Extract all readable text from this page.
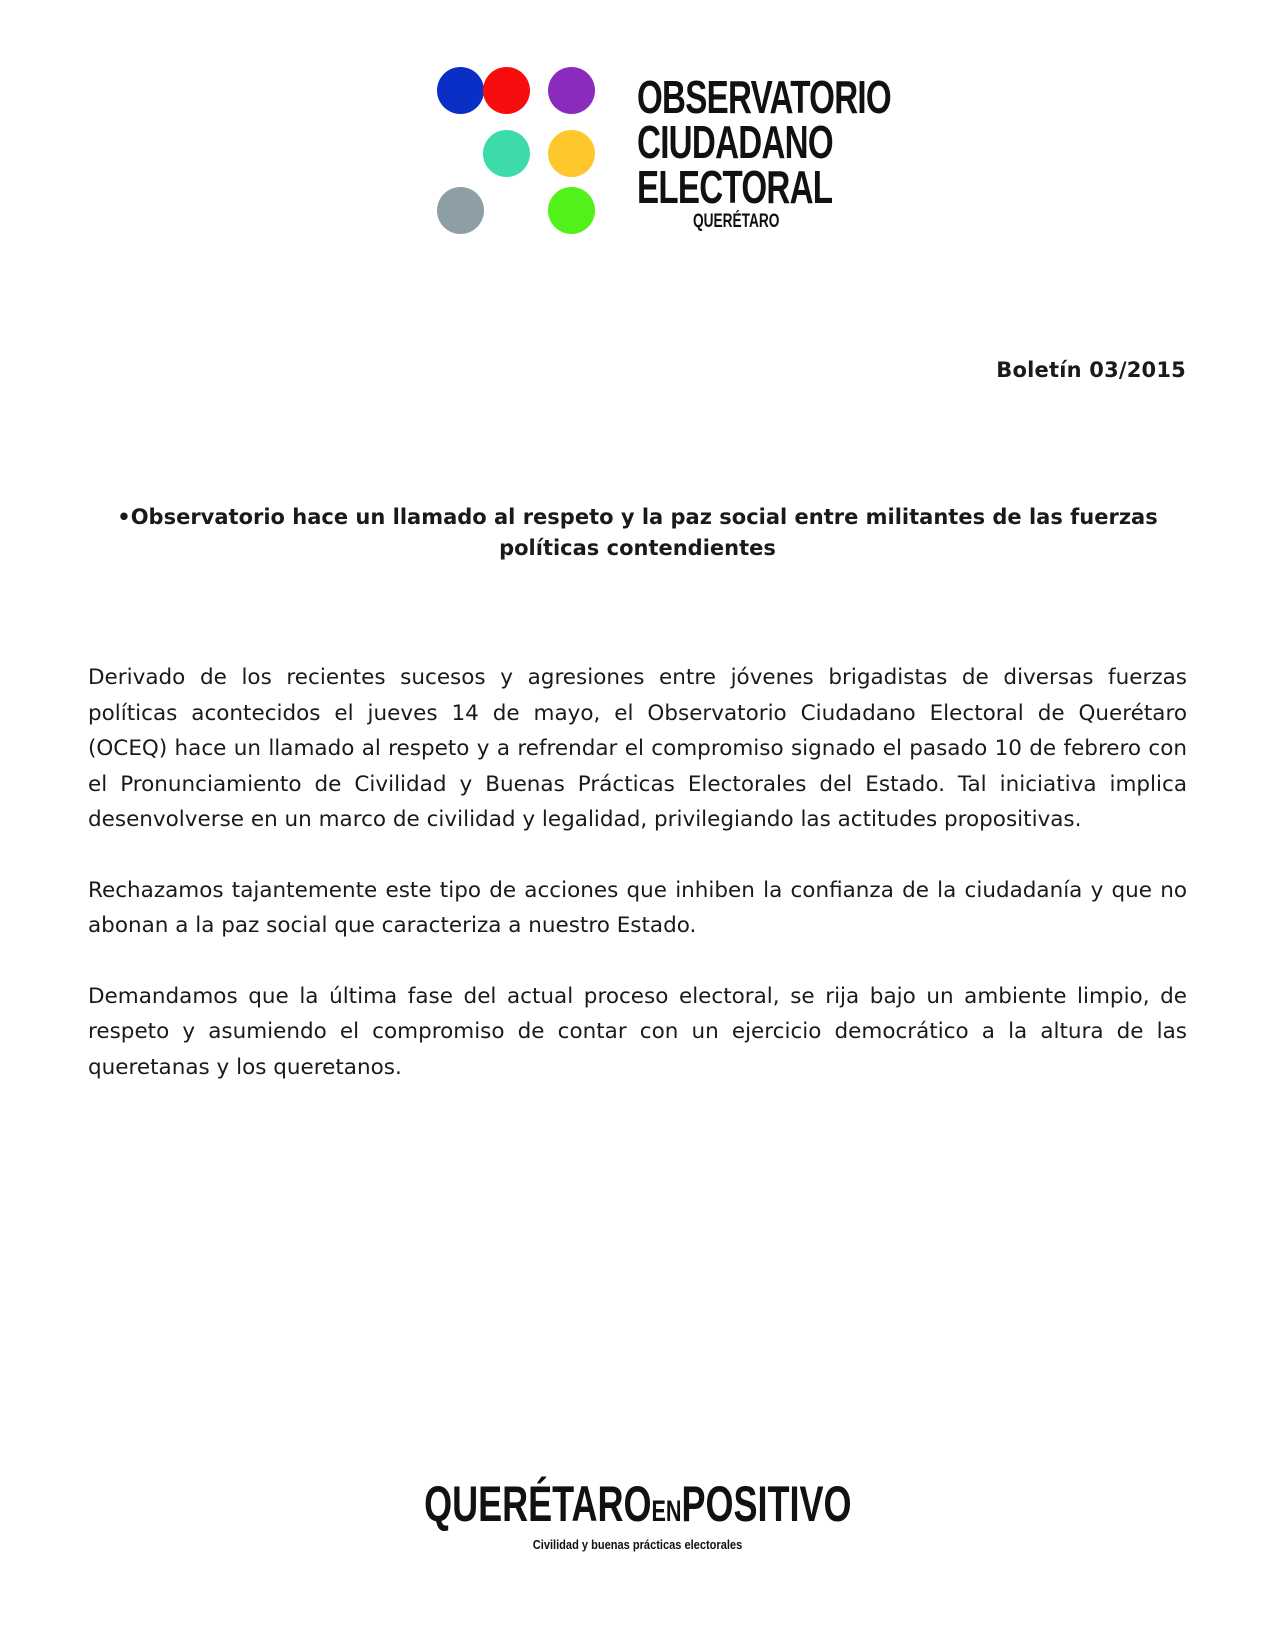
OBSERVATORIO
CIUDADANO
ELECTORAL
QUERÉTARO
Boletín 03/2015
•Observatorio hace un llamado al respeto y la paz social entre militantes de las fuerzas políticas contendientes

Derivado de los recientes sucesos y agresiones entre jóvenes brigadistas de diversas fuerzas políticas acontecidos el jueves 14 de mayo, el Observatorio Ciudadano Electoral de Querétaro (OCEQ) hace un llamado al respeto y a refrendar el compromiso signado el pasado 10 de febrero con el Pronunciamiento de Civilidad y Buenas Prácticas Electorales del Estado. Tal iniciativa implica desenvolverse en un marco de civilidad y legalidad, privilegiando las actitudes propositivas.

Rechazamos tajantemente este tipo de acciones que inhiben la confianza de la ciudadanía y que no abonan a la paz social que caracteriza a nuestro Estado.

Demandamos que la última fase del actual proceso electoral, se rija bajo un ambiente limpio, de respeto y asumiendo el compromiso de contar con un ejercicio democrático a la altura de las queretanas y los queretanos.

QUERÉTAROENPOSITIVO
Civilidad y buenas prácticas electorales
